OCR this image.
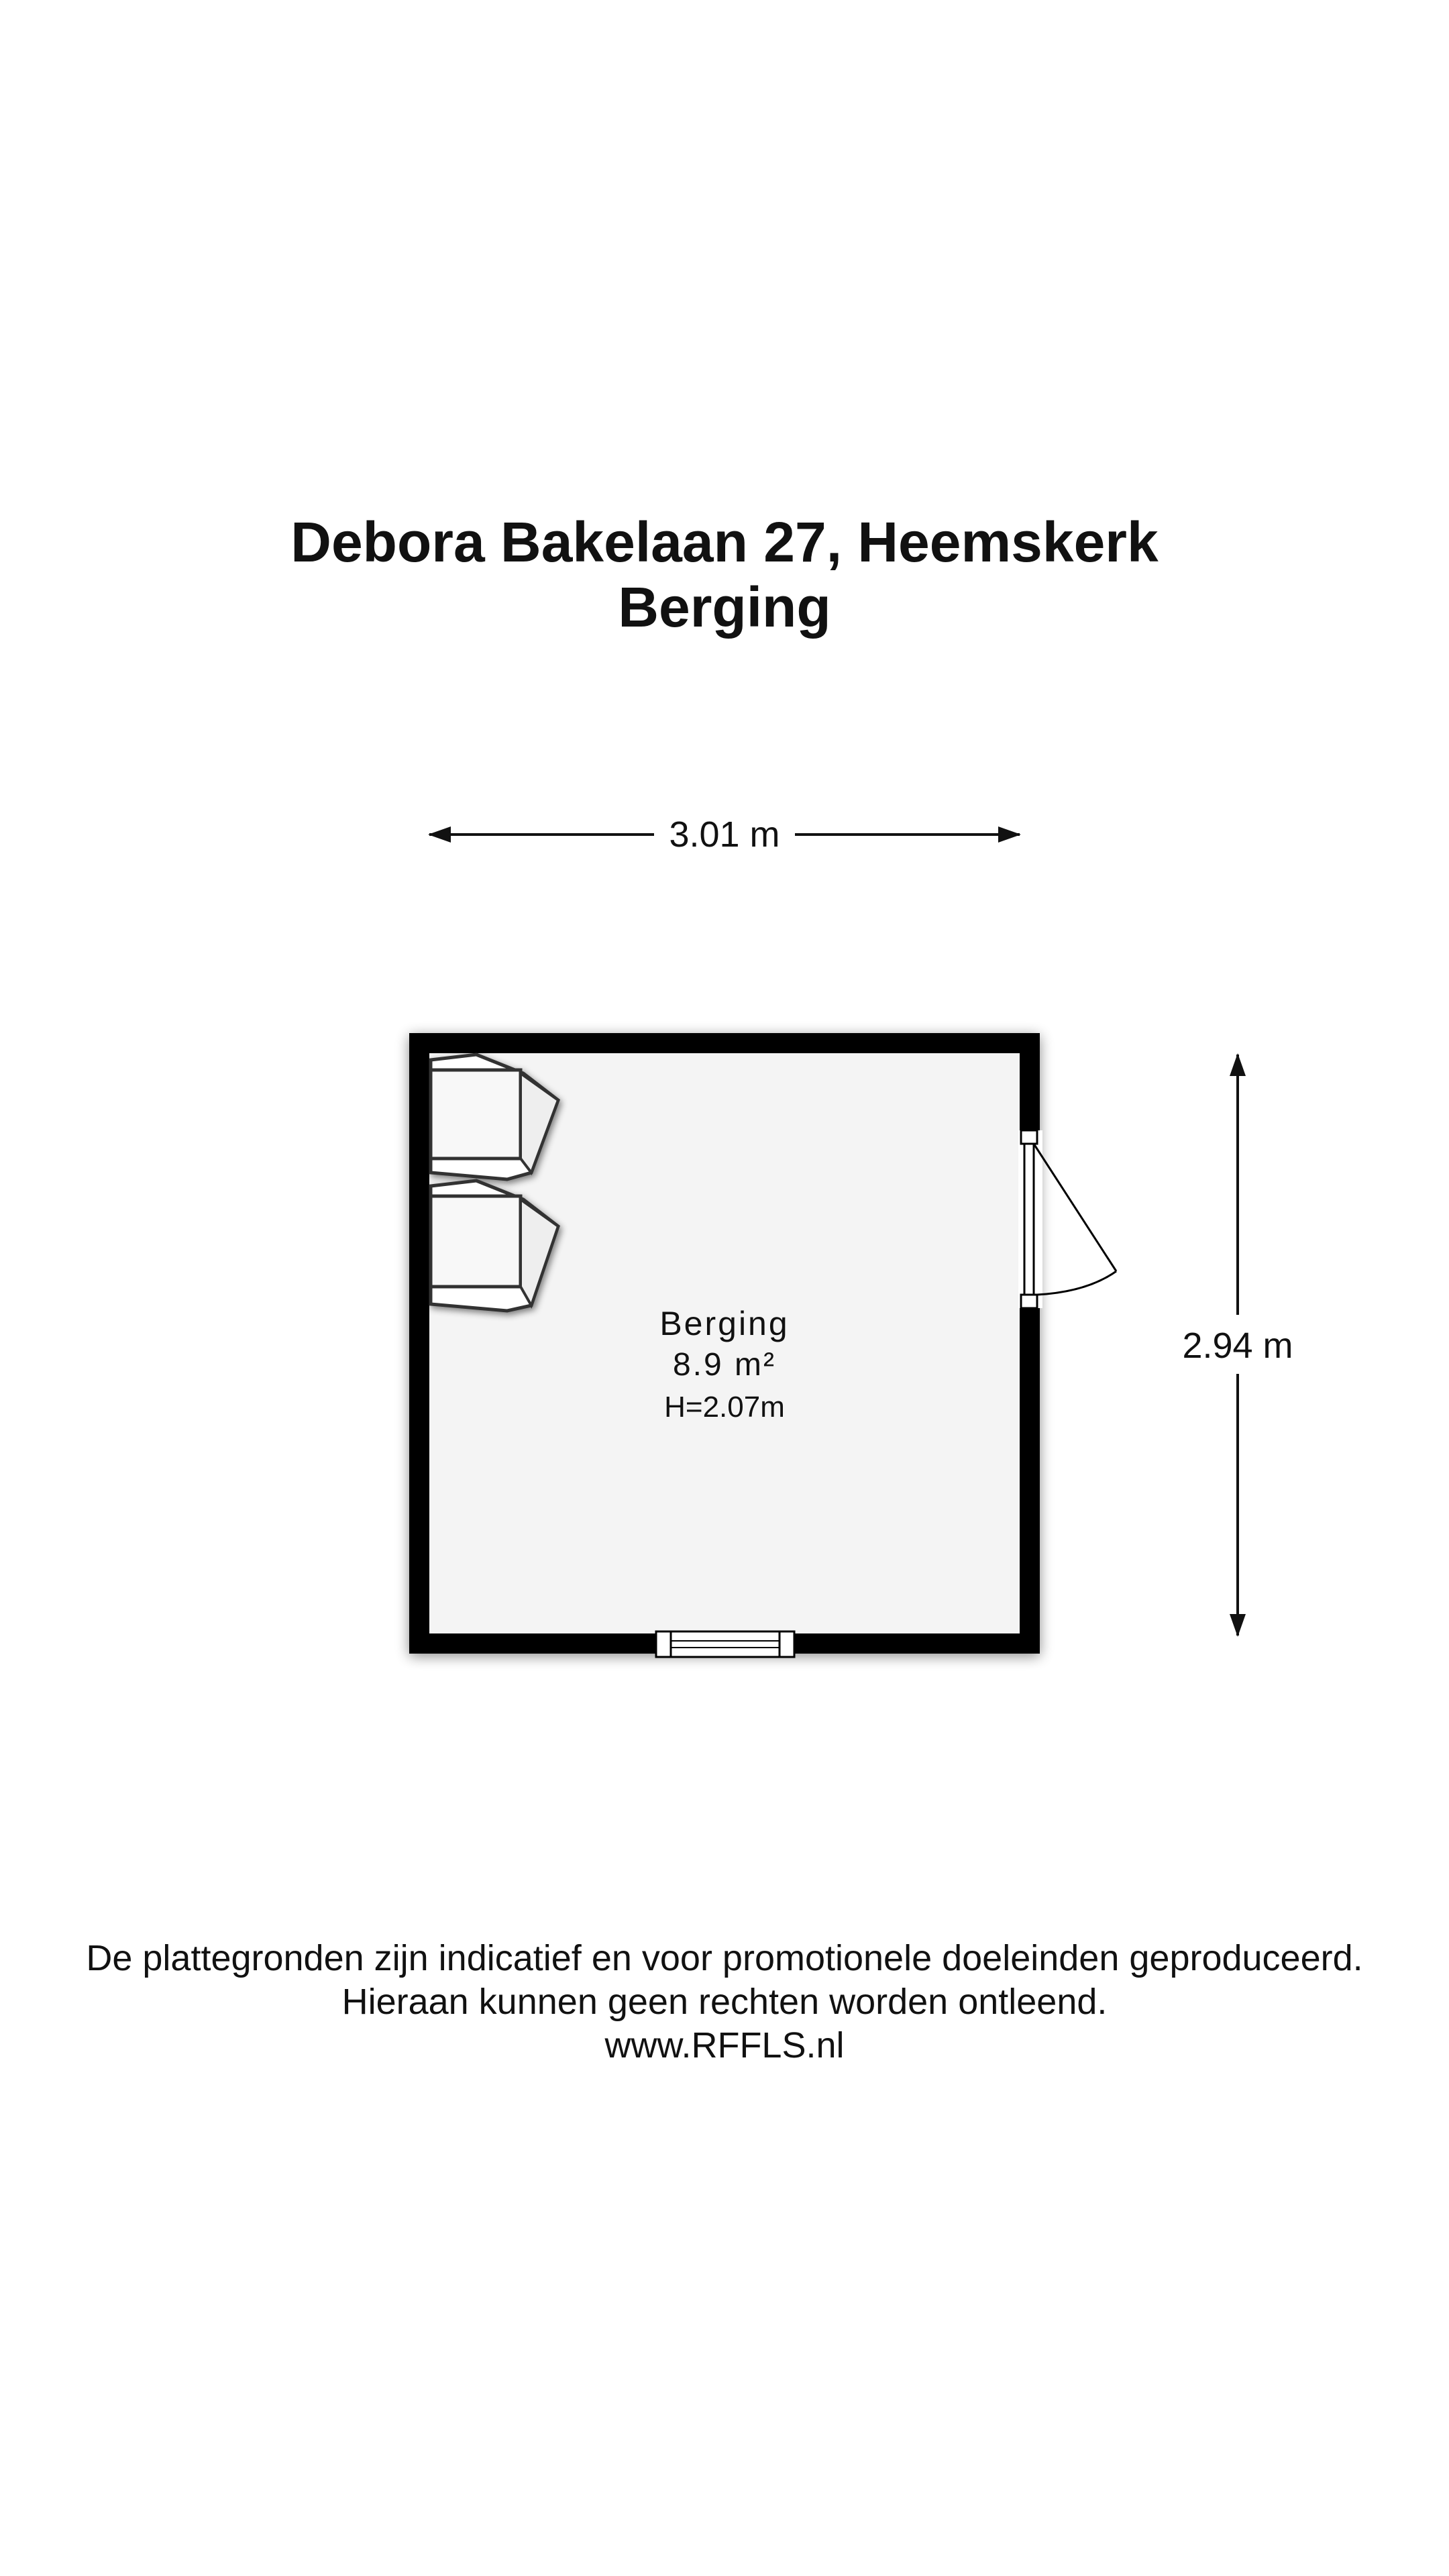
Debora Bakelaan 27, Heemskerk
Berging
3.01 m
2.94 m
Berging
8.9 m²
H=2.07m
De plattegronden zijn indicatief en voor promotionele doeleinden geproduceerd.
Hieraan kunnen geen rechten worden ontleend.
www.RFFLS.nl
